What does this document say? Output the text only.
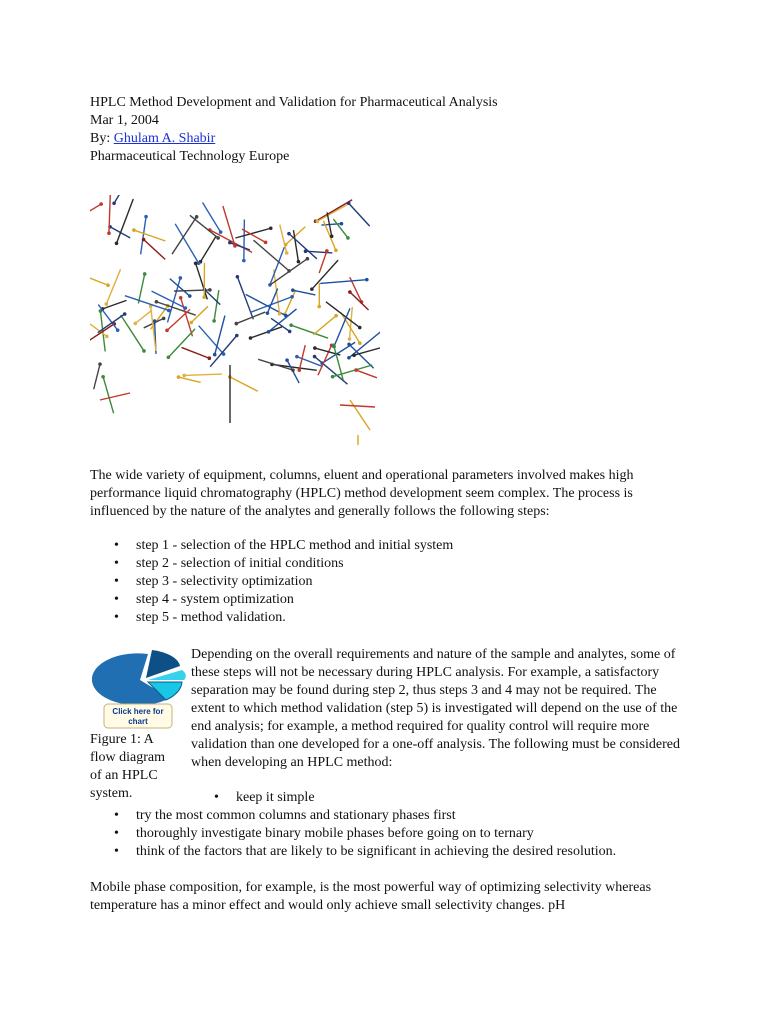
HPLC Method Development and Validation for Pharmaceutical Analysis
Mar 1, 2004
By: Ghulam A. Shabir
Pharmaceutical Technology Europe
The wide variety of equipment, columns, eluent and operational parameters involved makes high performance liquid chromatography (HPLC) method development seem complex. The process is influenced by the nature of the analytes and generally follows the following steps:
• step 1 - selection of the HPLC method and initial system
• step 2 - selection of initial conditions
• step 3 - selectivity optimization
• step 4 - system optimization
• step 5 - method validation.
Click here for
chart
Figure 1: A flow diagram of an HPLC system.
Depending on the overall requirements and nature of the sample and analytes, some of these steps will not be necessary during HPLC analysis. For example, a satisfactory separation may be found during step 2, thus steps 3 and 4 may not be required. The extent to which method validation (step 5) is investigated will depend on the use of the end analysis; for example, a method required for quality control will require more validation than one developed for a one-off analysis. The following must be considered when developing an HPLC method:
• keep it simple
• try the most common columns and stationary phases first
• thoroughly investigate binary mobile phases before going on to ternary
• think of the factors that are likely to be significant in achieving the desired resolution.
Mobile phase composition, for example, is the most powerful way of optimizing selectivity whereas temperature has a minor effect and would only achieve small selectivity changes. pH
